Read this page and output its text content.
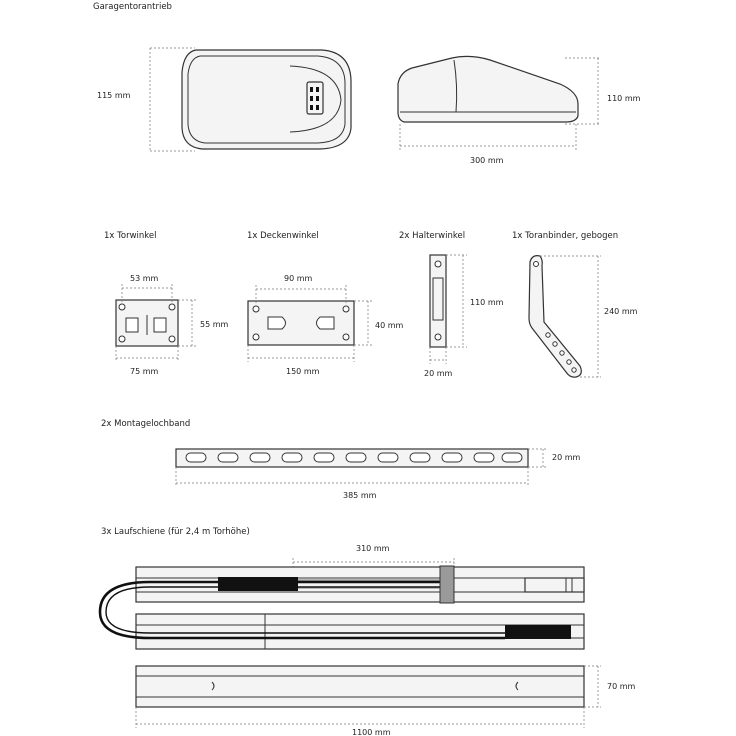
Garagentorantrieb
115 mm	110 mm
300 mm
1x Torwinkel	1x Deckenwinkel	2x Halterwinkel	1x Toranbinder, gebogen
53 mm
55 mm
75 mm
90 mm
40 mm
150 mm
110 mm
20 mm
240 mm
2x Montagelochband
20 mm
385 mm
3x Laufschiene (für 2,4 m Torhöhe)
310 mm
70 mm
1100 mm
